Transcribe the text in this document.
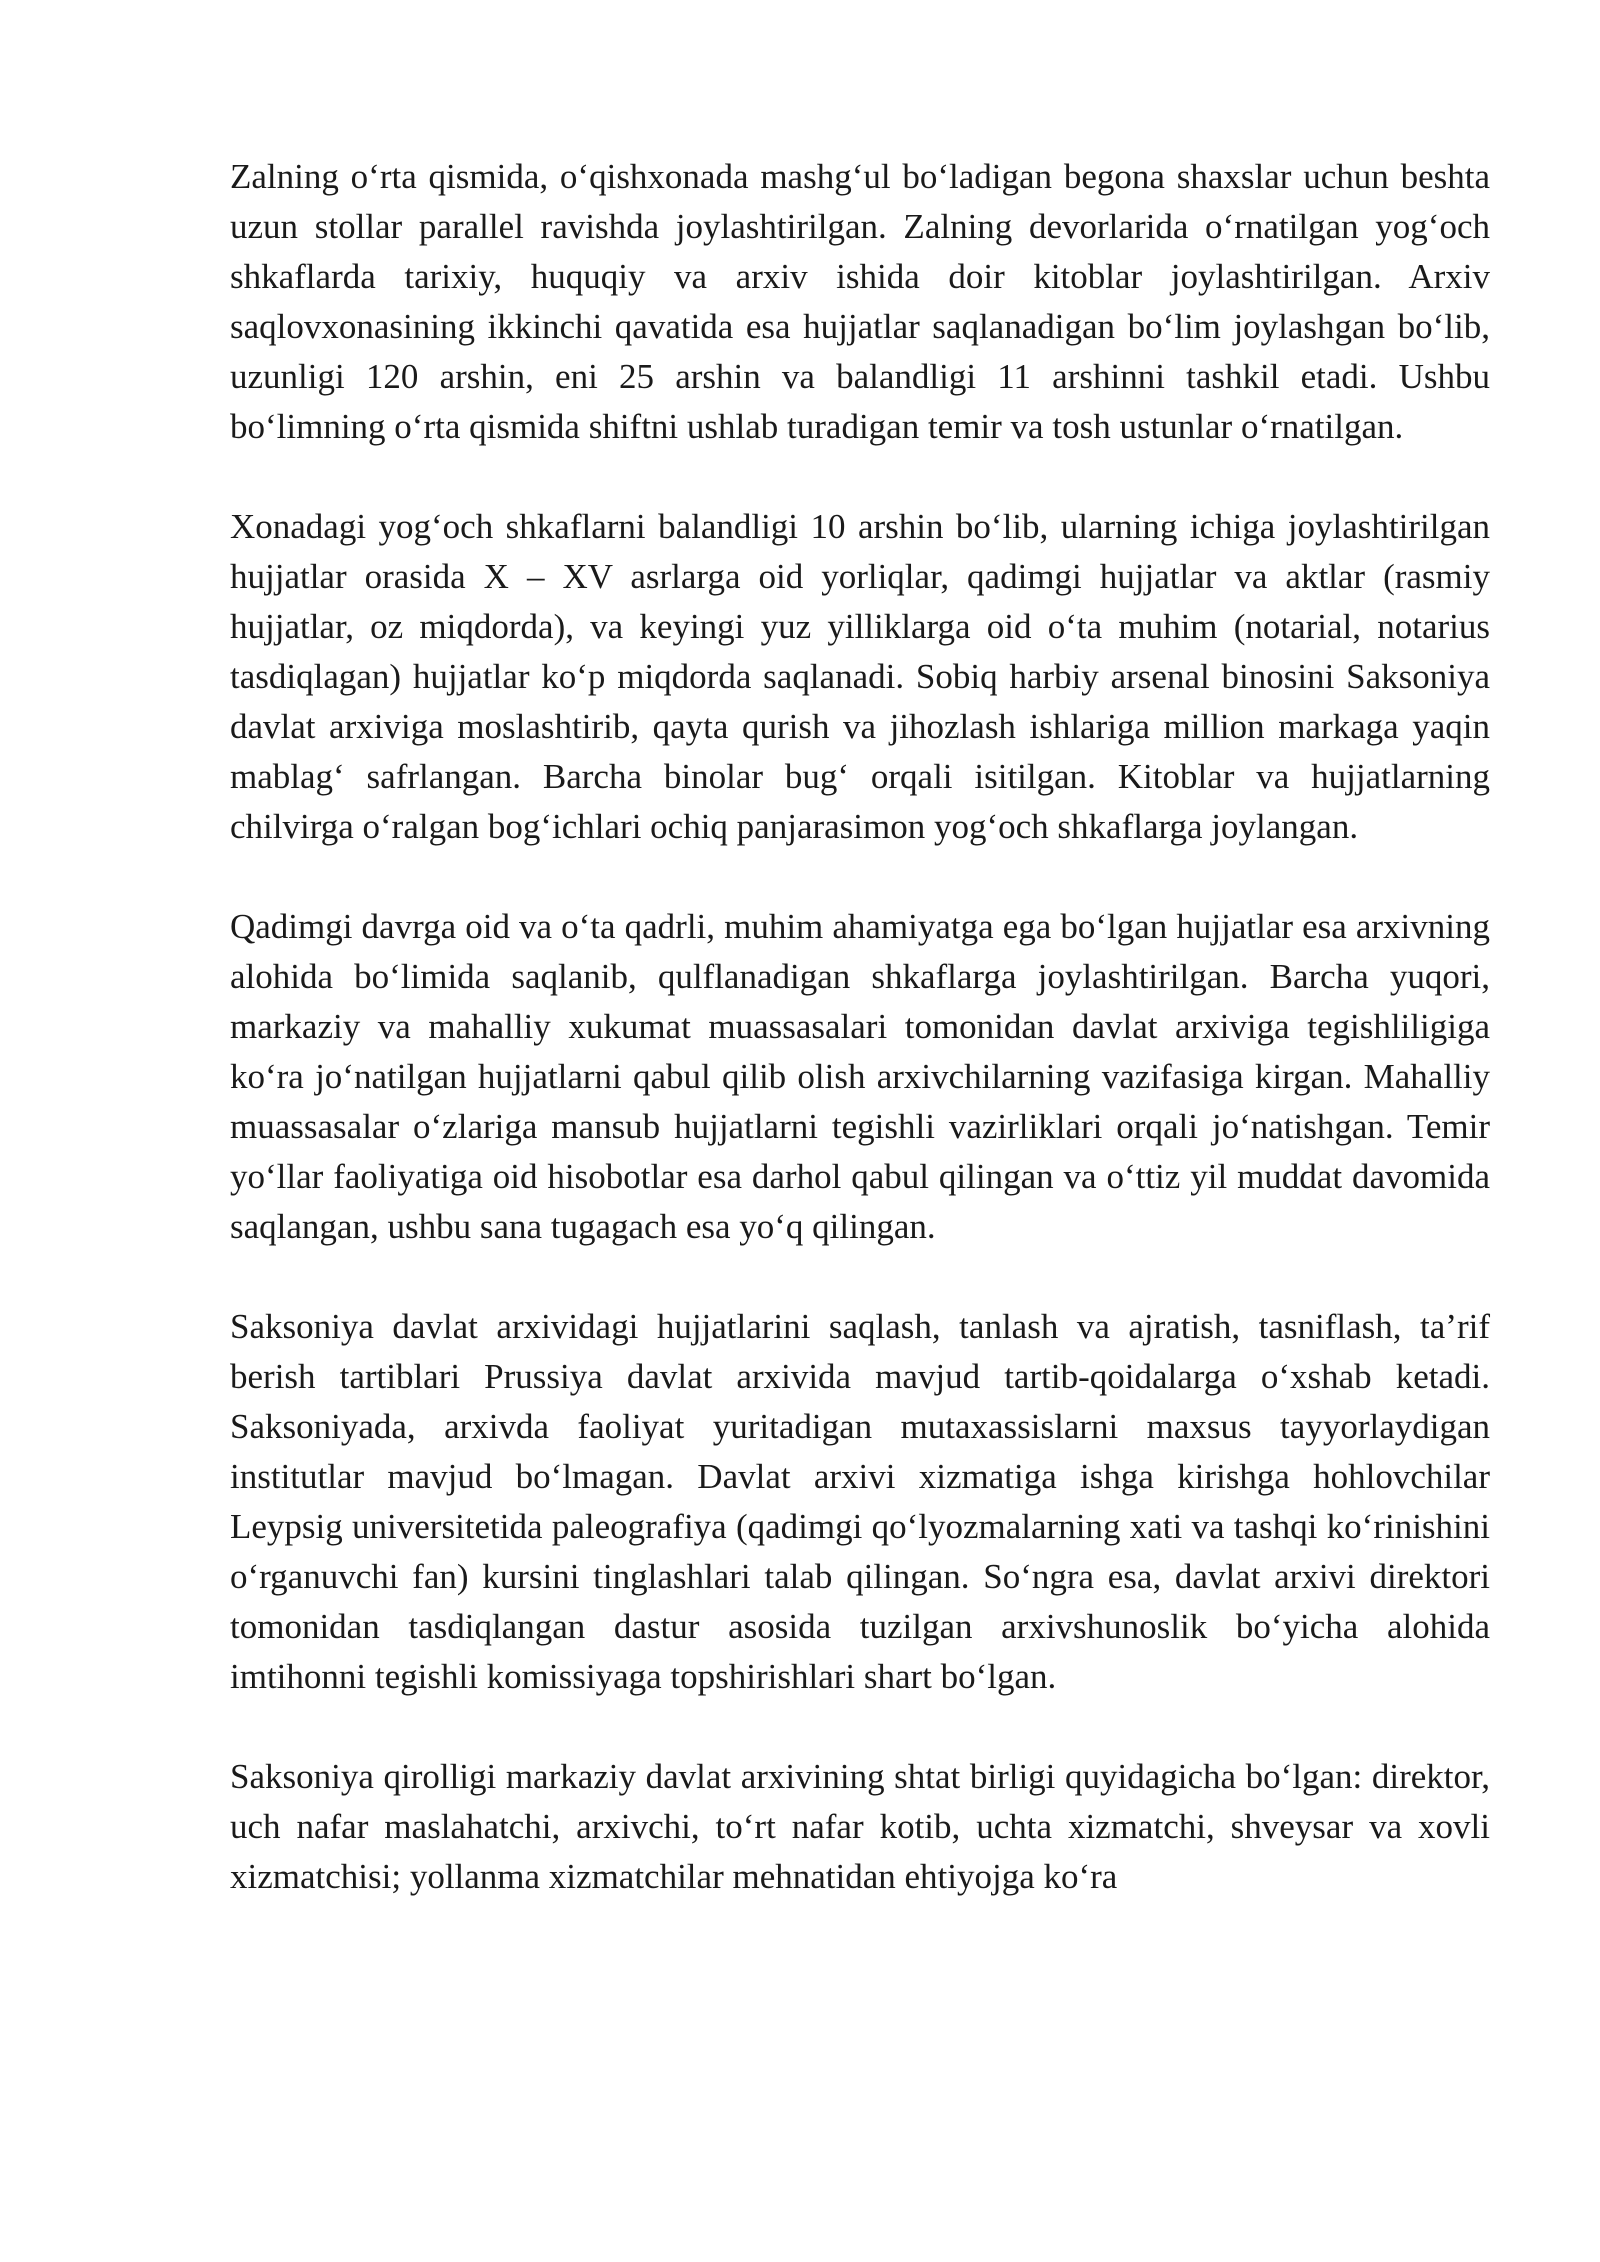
Zalning o‘rta qismida, o‘qishxonada mashg‘ul bo‘ladigan begona shaxslar uchun beshta uzun stollar parallel ravishda joylashtirilgan. Zalning devorlarida o‘rnatilgan yog‘och shkaflarda tarixiy, huquqiy va arxiv ishida doir kitoblar joylashtirilgan. Arxiv saqlovxonasining ikkinchi qavatida esa hujjatlar saqlanadigan bo‘lim joylashgan bo‘lib, uzunligi 120 arshin, eni 25 arshin va balandligi 11 arshinni tashkil etadi. Ushbu bo‘limning o‘rta qismida shiftni ushlab turadigan temir va tosh ustunlar o‘rnatilgan.

Xonadagi yog‘och shkaflarni balandligi 10 arshin bo‘lib, ularning ichiga joylashtirilgan hujjatlar orasida X – XV asrlarga oid yorliqlar, qadimgi hujjatlar va aktlar (rasmiy hujjatlar, oz miqdorda), va keyingi yuz yilliklarga oid o‘ta muhim (notarial, notarius tasdiqlagan) hujjatlar ko‘p miqdorda saqlanadi. Sobiq harbiy arsenal binosini Saksoniya davlat arxiviga moslashtirib, qayta qurish va jihozlash ishlariga million markaga yaqin mablag‘ safrlangan. Barcha binolar bug‘ orqali isitilgan. Kitoblar va hujjatlarning chilvirga o‘ralgan bog‘ichlari ochiq panjarasimon yog‘och shkaflarga joylangan.

Qadimgi davrga oid va o‘ta qadrli, muhim ahamiyatga ega bo‘lgan hujjatlar esa arxivning alohida bo‘limida saqlanib, qulflanadigan shkaflarga joylashtirilgan. Barcha yuqori, markaziy va mahalliy xukumat muassasalari tomonidan davlat arxiviga tegishliligiga ko‘ra jo‘natilgan hujjatlarni qabul qilib olish arxivchilarning vazifasiga kirgan. Mahalliy muassasalar o‘zlariga mansub hujjatlarni tegishli vazirliklari orqali jo‘natishgan. Temir yo‘llar faoliyatiga oid hisobotlar esa darhol qabul qilingan va o‘ttiz yil muddat davomida saqlangan, ushbu sana tugagach esa yo‘q qilingan.

Saksoniya davlat arxividagi hujjatlarini saqlash, tanlash va ajratish, tasniflash, ta’rif berish tartiblari Prussiya davlat arxivida mavjud tartib-qoidalarga o‘xshab ketadi. Saksoniyada, arxivda faoliyat yuritadigan mutaxassislarni maxsus tayyorlaydigan institutlar mavjud bo‘lmagan. Davlat arxivi xizmatiga ishga kirishga hohlovchilar Leypsig universitetida paleografiya (qadimgi qo‘lyozmalarning xati va tashqi ko‘rinishini o‘rganuvchi fan) kursini tinglashlari talab qilingan. So‘ngra esa, davlat arxivi direktori tomonidan tasdiqlangan dastur asosida tuzilgan arxivshunoslik bo‘yicha alohida imtihonni tegishli komissiyaga topshirishlari shart bo‘lgan.

Saksoniya qirolligi markaziy davlat arxivining shtat birligi quyidagicha bo‘lgan: direktor, uch nafar maslahatchi, arxivchi, to‘rt nafar kotib, uchta xizmatchi, shveysar va xovli xizmatchisi; yollanma xizmatchilar mehnatidan ehtiyojga ko‘ra
